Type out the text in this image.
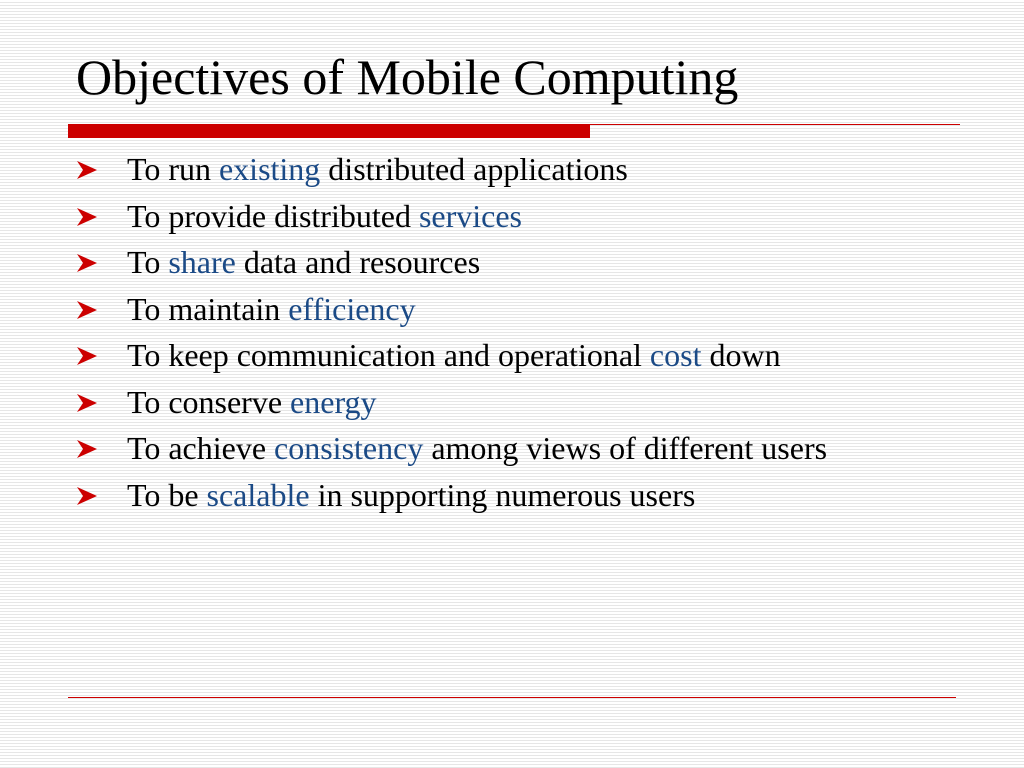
Objectives of Mobile Computing
To run existing distributed applications
To provide distributed services
To share data and resources
To maintain efficiency
To keep communication and operational cost down
To conserve energy
To achieve consistency among views of different users
To be scalable in supporting numerous users
